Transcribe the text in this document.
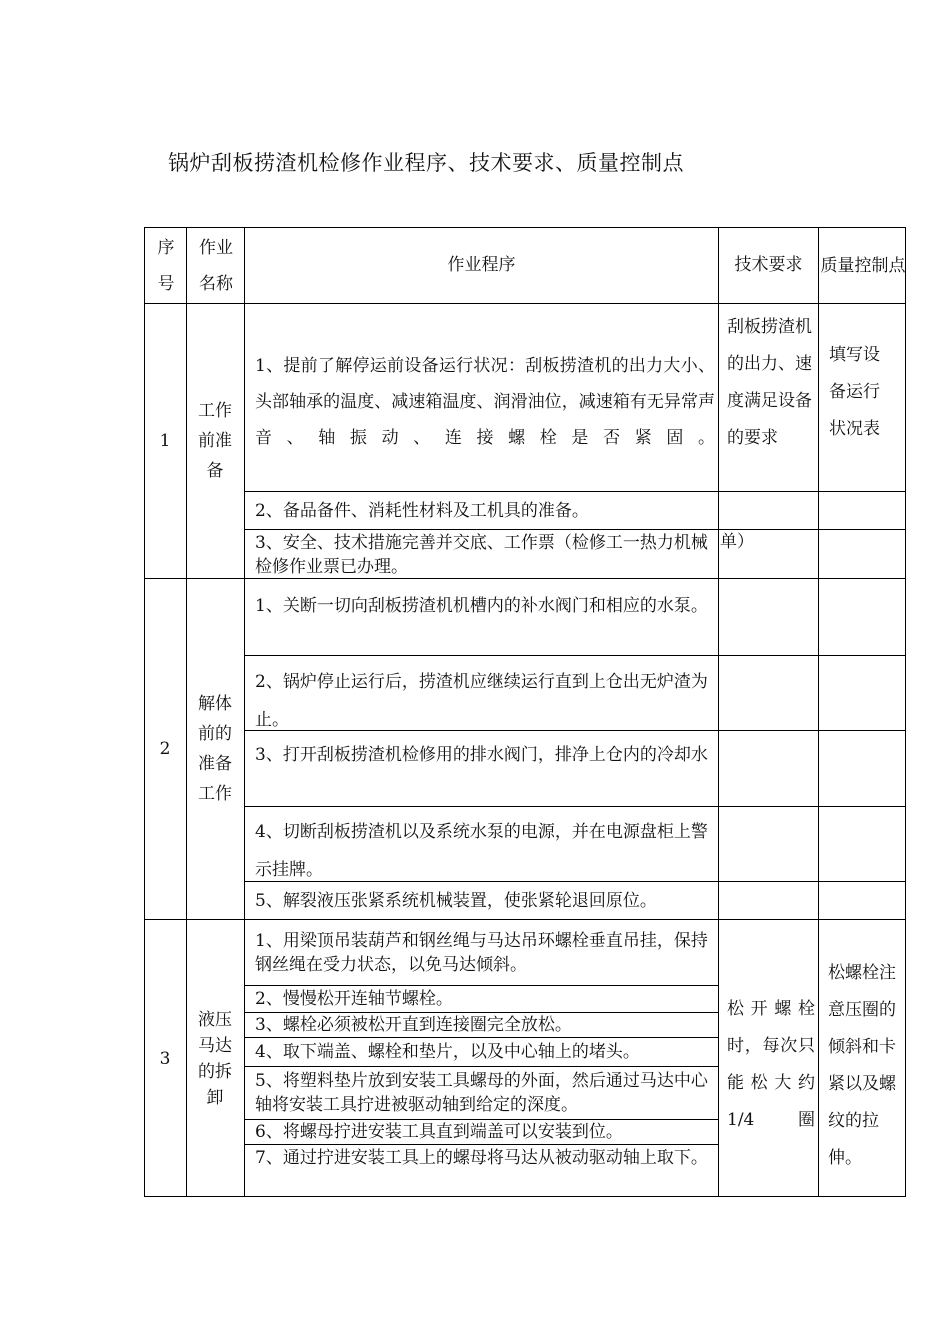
锅炉刮板捞渣机检修作业程序、技术要求、质量控制点
序号
作业名称
作业程序	技术要求	质量控制点
1
工作前准备
1、提前了解停运前设备运行状况：刮板捞渣机的出力大小、头部轴承的温度、减速箱温度、润滑油位，减速箱有无异常声音、轴振动、连接螺栓是否紧固。
2、备品备件、消耗性材料及工机具的准备。
3、安全、技术措施完善并交底、工作票（检修工一热力机械检修作业票已办理。
刮板捞渣机的出力、速度满足设备的要求
填写设备运行状况表
单）
2
解体前的准备工作
1、关断一切向刮板捞渣机机槽内的补水阀门和相应的水泵。
2、锅炉停止运行后，捞渣机应继续运行直到上仓出无炉渣为止。
3、打开刮板捞渣机检修用的排水阀门，排净上仓内的冷却水
4、切断刮板捞渣机以及系统水泵的电源，并在电源盘柜上警示挂牌。
5、解裂液压张紧系统机械装置，使张紧轮退回原位。
3
液压马达的拆卸
1、用梁顶吊装葫芦和钢丝绳与马达吊环螺栓垂直吊挂，保持钢丝绳在受力状态，以免马达倾斜。
2、慢慢松开连轴节螺栓。
3、螺栓必须被松开直到连接圈完全放松。
4、取下端盖、螺栓和垫片，以及中心轴上的堵头。
5、将塑料垫片放到安装工具螺母的外面，然后通过马达中心轴将安装工具拧进被驱动轴到给定的深度。
6、将螺母拧进安装工具直到端盖可以安装到位。
7、通过拧进安装工具上的螺母将马达从被动驱动轴上取下。
松开螺栓时，每次只能松大约1/4圈
松螺栓注意压圈的倾斜和卡紧以及螺纹的拉伸。
